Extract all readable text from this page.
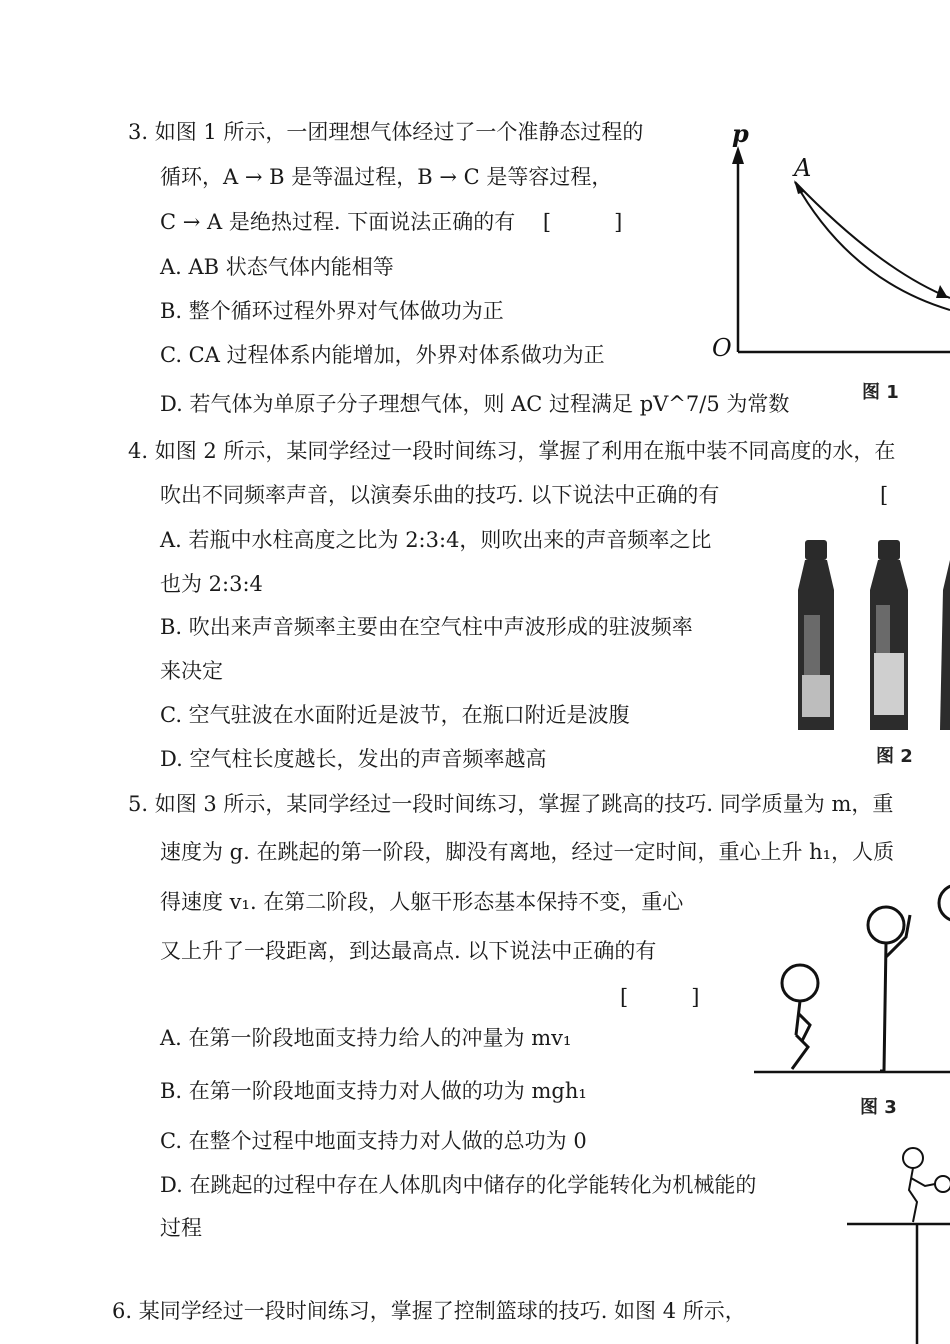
3. 如图 1 所示，一团理想气体经过了一个准静态过程的
循环，A → B 是等温过程，B → C 是等容过程，
C → A 是绝热过程. 下面说法正确的有　 [　　　]
A. AB 状态气体内能相等
B. 整个循环过程外界对气体做功为正
C. CA 过程体系内能增加，外界对体系做功为正
D. 若气体为单原子分子理想气体，则 AC 过程满足 pV^7/5 为常数
p
O
A
图 1
4. 如图 2 所示，某同学经过一段时间练习，掌握了利用在瓶中装不同高度的水，在
吹出不同频率声音，以演奏乐曲的技巧. 以下说法中正确的有	[
A. 若瓶中水柱高度之比为 2:3:4，则吹出来的声音频率之比
也为 2:3:4
B. 吹出来声音频率主要由在空气柱中声波形成的驻波频率
来决定
C. 空气驻波在水面附近是波节，在瓶口附近是波腹
D. 空气柱长度越长，发出的声音频率越高	图 2
5. 如图 3 所示，某同学经过一段时间练习，掌握了跳高的技巧. 同学质量为 m，重
速度为 g. 在跳起的第一阶段，脚没有离地，经过一定时间，重心上升 h₁，人质
得速度 v₁. 在第二阶段，人躯干形态基本保持不变，重心
又上升了一段距离，到达最高点. 以下说法中正确的有
[　　　]
A. 在第一阶段地面支持力给人的冲量为 mv₁
B. 在第一阶段地面支持力对人做的功为 mgh₁
C. 在整个过程中地面支持力对人做的总功为 0
D. 在跳起的过程中存在人体肌肉中储存的化学能转化为机械能的
过程
图 3
6. 某同学经过一段时间练习，掌握了控制篮球的技巧. 如图 4 所示，
